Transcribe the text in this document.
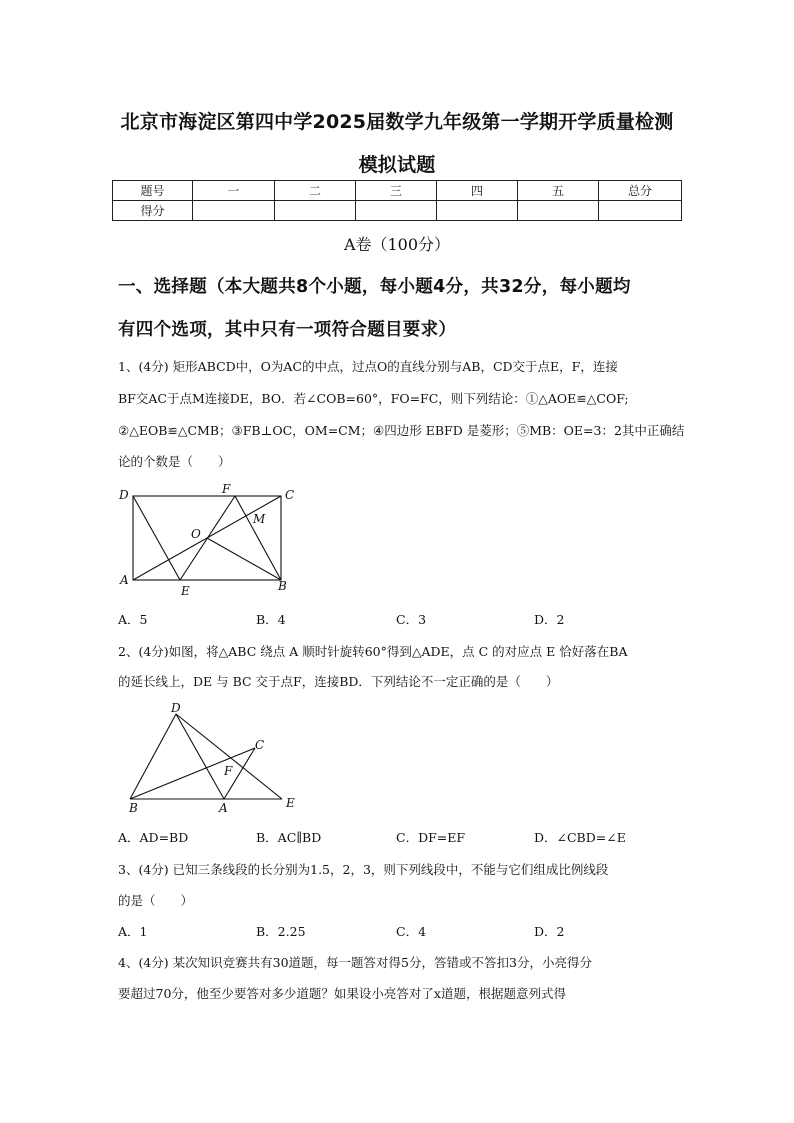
北京市海淀区第四中学2025届数学九年级第一学期开学质量检测
模拟试题
题号	一	二	三	四	五	总分
得分						
A卷（100分）
一、选择题（本大题共8个小题，每小题4分，共32分，每小题均
有四个选项，其中只有一项符合题目要求）
1、(4分) 矩形ABCD中，O为AC的中点，过点O的直线分别与AB，CD交于点E，F，连接
BF交AC于点M连接DE，BO．若∠COB=60°，FO=FC，则下列结论：①△AOE≌△COF;
②△EOB≌△CMB；③FB⊥OC，OM=CM；④四边形 EBFD 是菱形；⑤MB：OE=3：2其中正确结
论的个数是（　　）
D	F	C
M
O
A
E	B
A．5	B．4	C．3	D．2
2、(4分)如图，将△ABC 绕点 A 顺时针旋转60°得到△ADE，点 C 的对应点 E 恰好落在BA
的延长线上，DE 与 BC 交于点F，连接BD．下列结论不一定正确的是（　　）
D
C
F
B	A	E
A．AD=BD	B．AC∥BD	C．DF=EF	D．∠CBD=∠E
3、(4分) 已知三条线段的长分别为1.5，2，3，则下列线段中，不能与它们组成比例线段
的是（　　）
A．1	B．2.25	C．4	D．2
4、(4分) 某次知识竞赛共有30道题，每一题答对得5分，答错或不答扣3分，小亮得分
要超过70分，他至少要答对多少道题？如果设小亮答对了x道题，根据题意列式得
